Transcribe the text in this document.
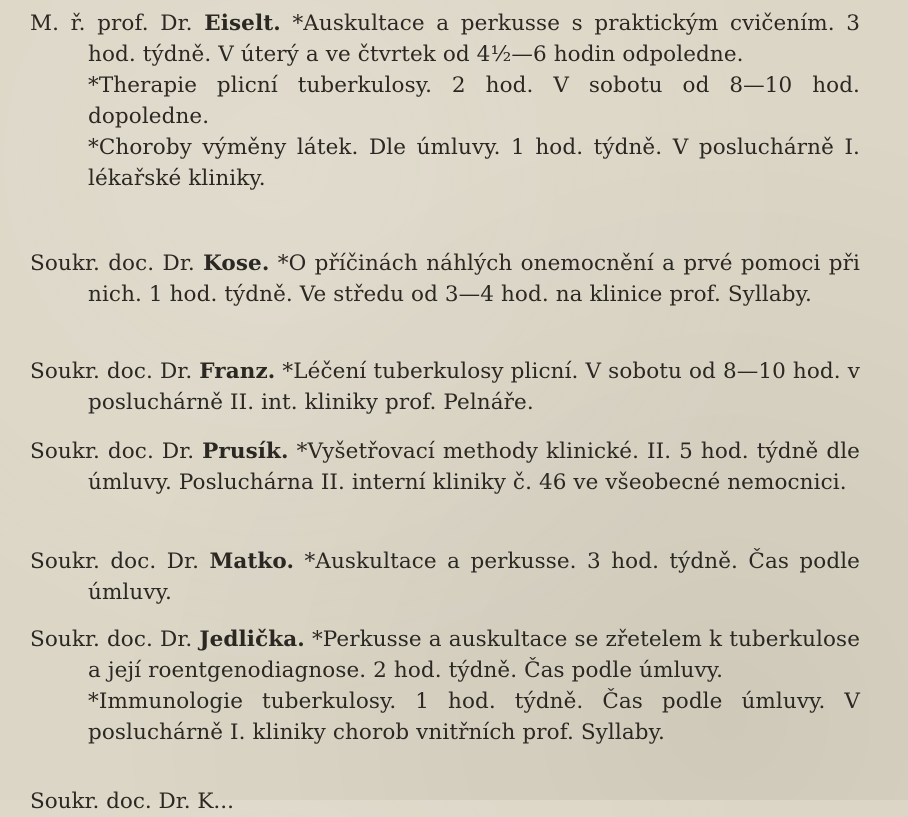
M. ř. prof. Dr. Eiselt. *Auskultace a perkusse s praktickým cvičením. 3 hod. týdně. V úterý a ve čtvrtek od 4½—6 hodin odpoledne.

*Therapie plicní tuberkulosy. 2 hod. V sobotu od 8—10 hod. dopoledne.

*Choroby výměny látek. Dle úmluvy. 1 hod. týdně. V posluchárně I. lékařské kliniky.

Soukr. doc. Dr. Kose. *O příčinách náhlých onemocnění a prvé pomoci při nich. 1 hod. týdně. Ve středu od 3—4 hod. na klinice prof. Syllaby.

Soukr. doc. Dr. Franz. *Léčení tuberkulosy plicní. V sobotu od 8—10 hod. v posluchárně II. int. kliniky prof. Pelnáře.

Soukr. doc. Dr. Prusík. *Vyšetřovací methody klinické. II. 5 hod. týdně dle úmluvy. Posluchárna II. interní kliniky č. 46 ve všeobecné nemocnici.

Soukr. doc. Dr. Matko. *Auskultace a perkusse. 3 hod. týdně. Čas podle úmluvy.

Soukr. doc. Dr. Jedlička. *Perkusse a auskultace se zřetelem k tuberkulose a její roentgenodiagnose. 2 hod. týdně. Čas podle úmluvy.

*Immunologie tuberkulosy. 1 hod. týdně. Čas podle úmluvy. V posluchárně I. kliniky chorob vnitřních prof. Syllaby.

Soukr. doc. Dr. K...
